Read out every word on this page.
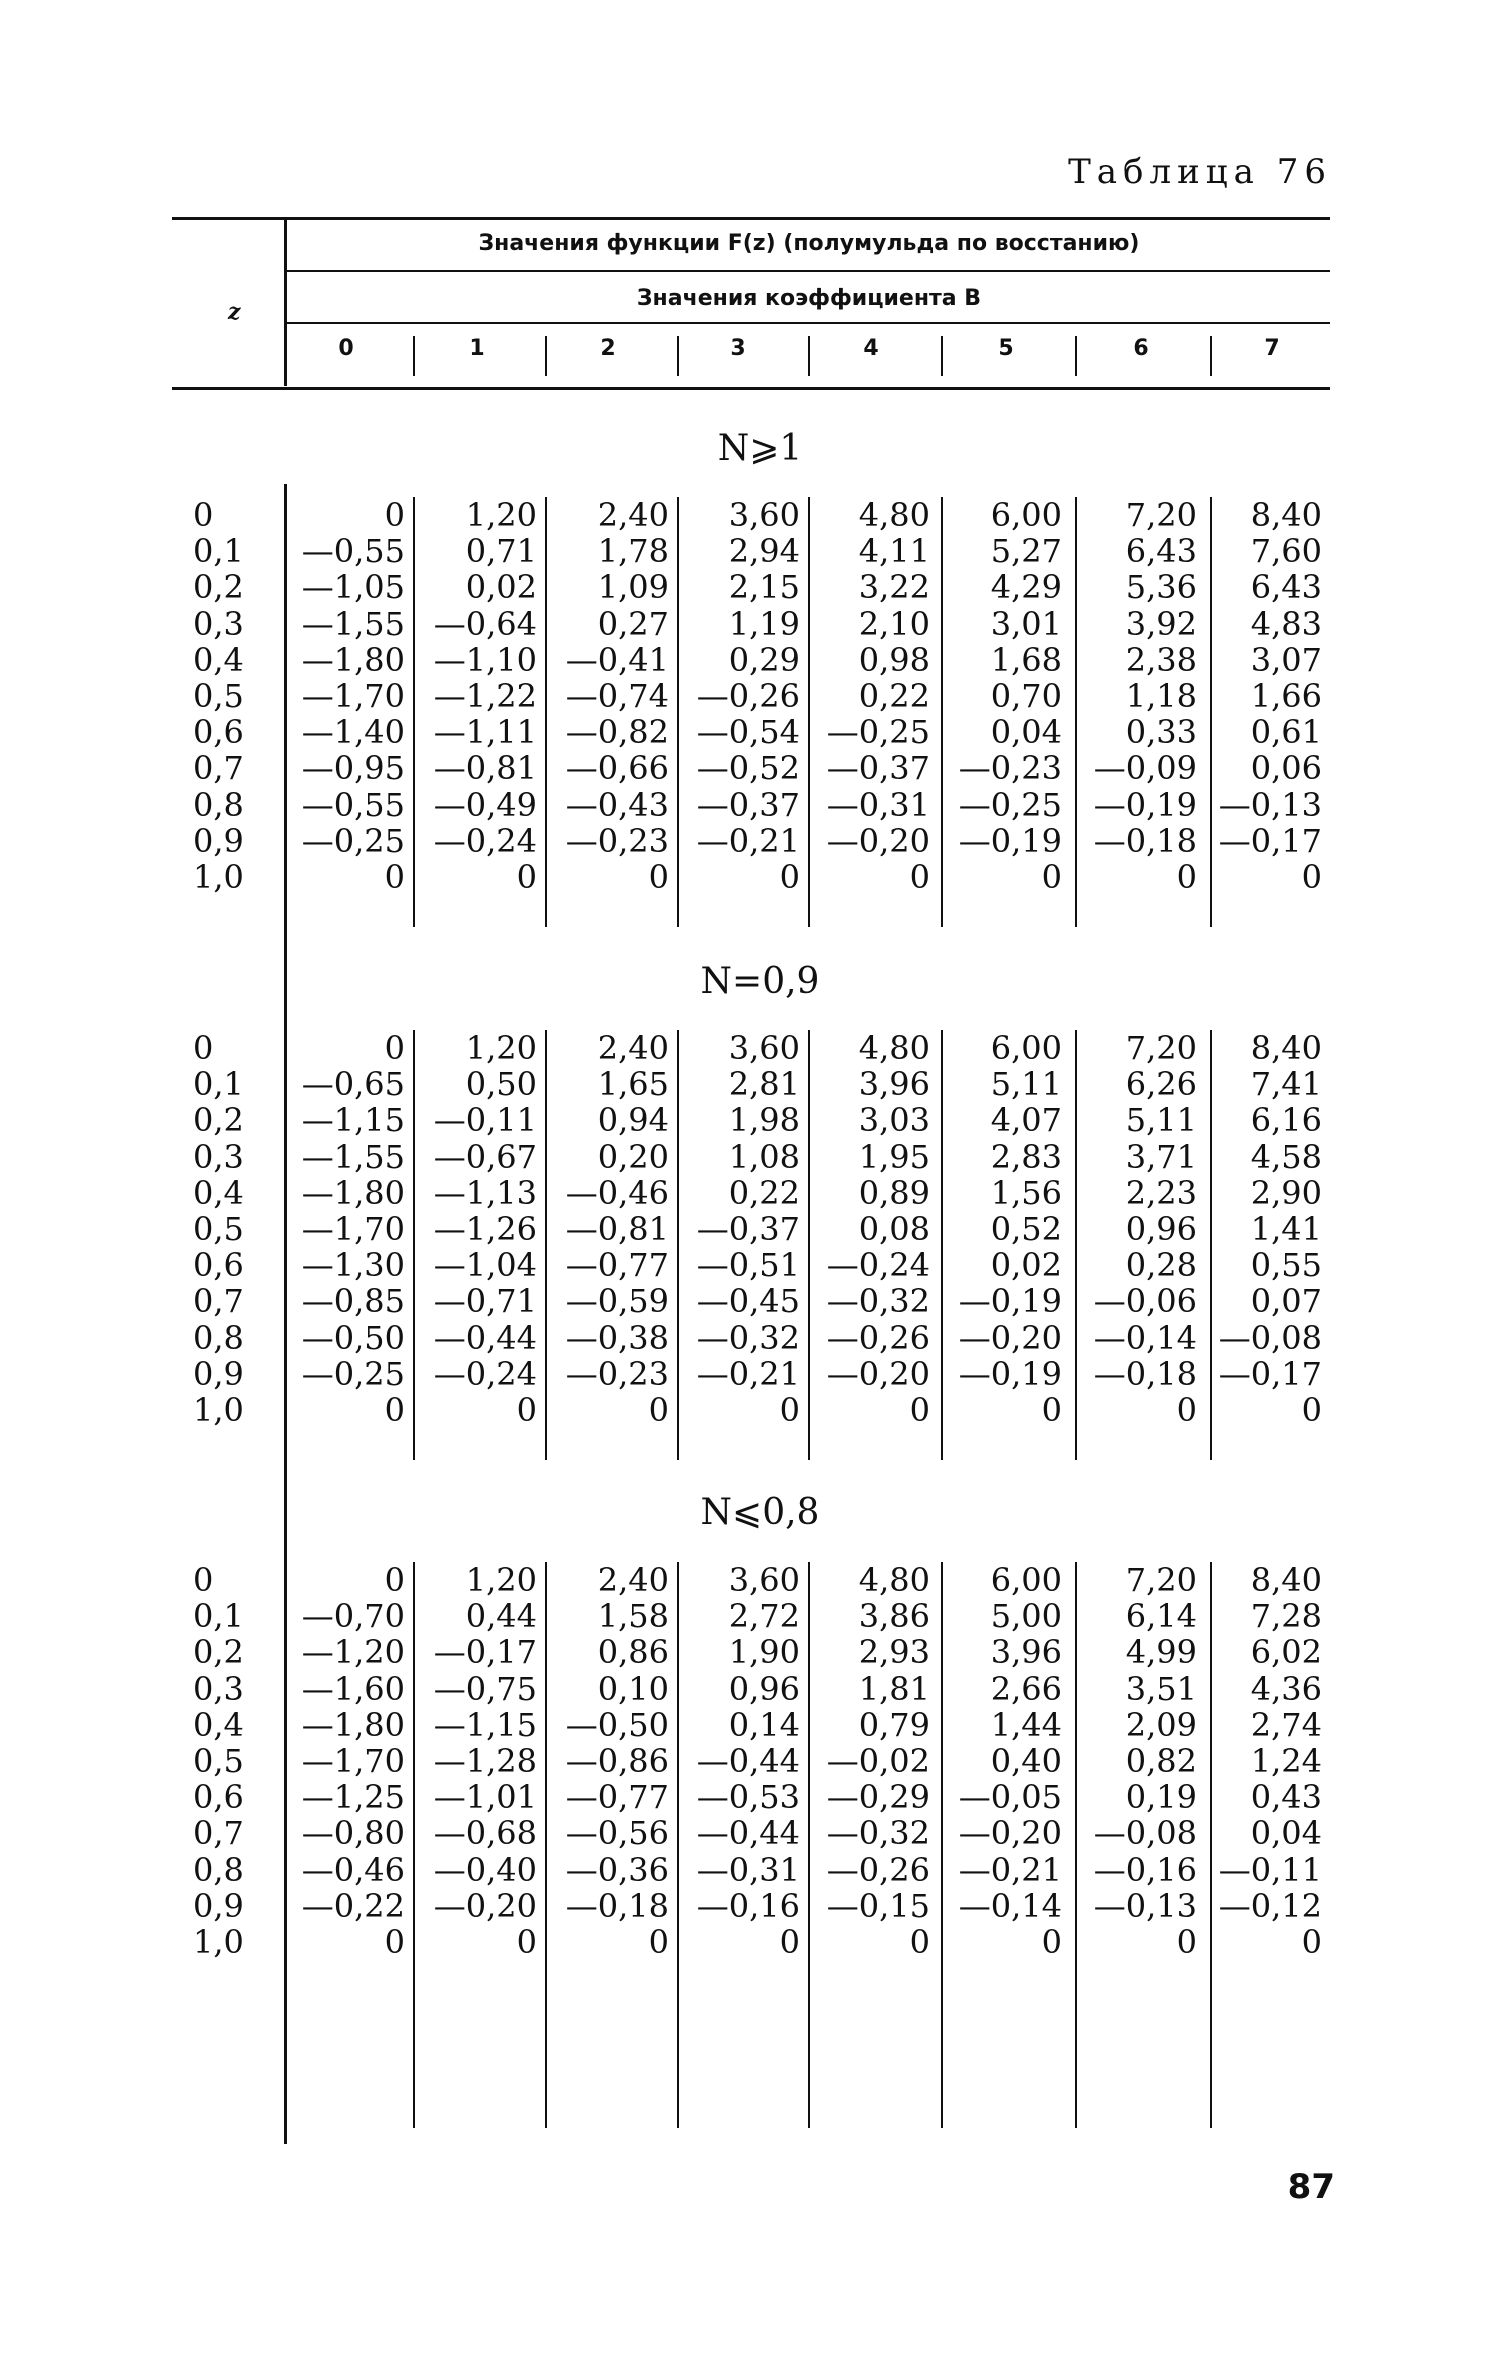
Таблица 76
Значения функции F(z) (полумульда по восстанию)
Значения коэффициента B
z
0	1	2	3	4	5	6	7
N⩾1
0	0 1,20 2,40 3,60 4,80 6,00 7,20 8,40
0,1 —0,55 0,71 1,78 2,94 4,11 5,27 6,43 7,60
0,2 —1,05 0,02 1,09 2,15 3,22 4,29 5,36 6,43
0,3 —1,55 —0,64 0,27 1,19 2,10 3,01 3,92 4,83
0,4 —1,80 —1,10 —0,41 0,29 0,98 1,68 2,38 3,07
0,5 —1,70 —1,22 —0,74 —0,26 0,22 0,70 1,18 1,66
0,6 —1,40 —1,11 —0,82 —0,54 —0,25 0,04 0,33 0,61
0,7 —0,95 —0,81 —0,66 —0,52 —0,37 —0,23 —0,09 0,06
0,8 —0,55 —0,49 —0,43 —0,37 —0,31 —0,25 —0,19 —0,13
0,9 —0,25 —0,24 —0,23 —0,21 —0,20 —0,19 —0,18 —0,17
1,0	0	0	0	0	0	0	0	0
N=0,9
0	0 1,20 2,40 3,60 4,80 6,00 7,20 8,40
0,1 —0,65 0,50 1,65 2,81 3,96 5,11 6,26 7,41
0,2 —1,15 —0,11 0,94 1,98 3,03 4,07 5,11 6,16
0,3 —1,55 —0,67 0,20 1,08 1,95 2,83 3,71 4,58
0,4 —1,80 —1,13 —0,46 0,22 0,89 1,56 2,23 2,90
0,5 —1,70 —1,26 —0,81 —0,37 0,08 0,52 0,96 1,41
0,6 —1,30 —1,04 —0,77 —0,51 —0,24 0,02 0,28 0,55
0,7 —0,85 —0,71 —0,59 —0,45 —0,32 —0,19 —0,06 0,07
0,8 —0,50 —0,44 —0,38 —0,32 —0,26 —0,20 —0,14 —0,08
0,9 —0,25 —0,24 —0,23 —0,21 —0,20 —0,19 —0,18 —0,17
1,0	0	0	0	0	0	0	0	0
N⩽0,8
0	0 1,20 2,40 3,60 4,80 6,00 7,20 8,40
0,1 —0,70 0,44 1,58 2,72 3,86 5,00 6,14 7,28
0,2 —1,20 —0,17 0,86 1,90 2,93 3,96 4,99 6,02
0,3 —1,60 —0,75 0,10 0,96 1,81 2,66 3,51 4,36
0,4 —1,80 —1,15 —0,50 0,14 0,79 1,44 2,09 2,74
0,5 —1,70 —1,28 —0,86 —0,44 —0,02 0,40 0,82 1,24
0,6 —1,25 —1,01 —0,77 —0,53 —0,29 —0,05 0,19 0,43
0,7 —0,80 —0,68 —0,56 —0,44 —0,32 —0,20 —0,08 0,04
0,8 —0,46 —0,40 —0,36 —0,31 —0,26 —0,21 —0,16 —0,11
0,9 —0,22 —0,20 —0,18 —0,16 —0,15 —0,14 —0,13 —0,12
1,0	0	0	0	0	0	0	0	0
87
